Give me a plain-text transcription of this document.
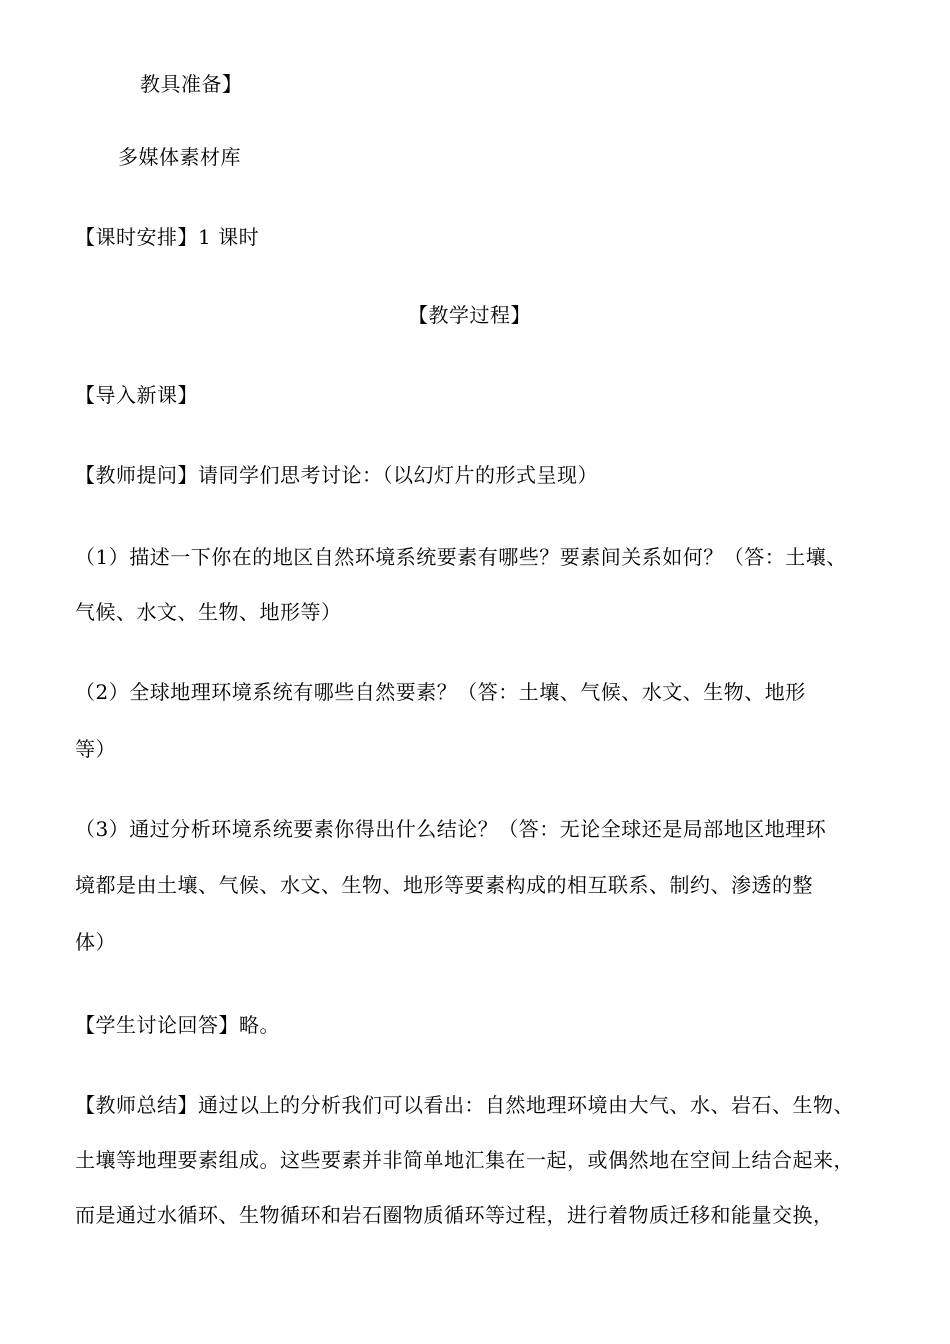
教具准备】
多媒体素材库
【课时安排】1 课时
【教学过程】
【导入新课】
【教师提问】请同学们思考讨论：（以幻灯片的形式呈现）
（1）描述一下你在的地区自然环境系统要素有哪些？要素间关系如何？（答：土壤、
气候、水文、生物、地形等）
（2）全球地理环境系统有哪些自然要素？（答：土壤、气候、水文、生物、地形
等）
（3）通过分析环境系统要素你得出什么结论？（答：无论全球还是局部地区地理环
境都是由土壤、气候、水文、生物、地形等要素构成的相互联系、制约、渗透的整
体）
【学生讨论回答】略。
【教师总结】通过以上的分析我们可以看出：自然地理环境由大气、水、岩石、生物、
土壤等地理要素组成。这些要素并非简单地汇集在一起，或偶然地在空间上结合起来，
而是通过水循环、生物循环和岩石圈物质循环等过程，进行着物质迁移和能量交换，
